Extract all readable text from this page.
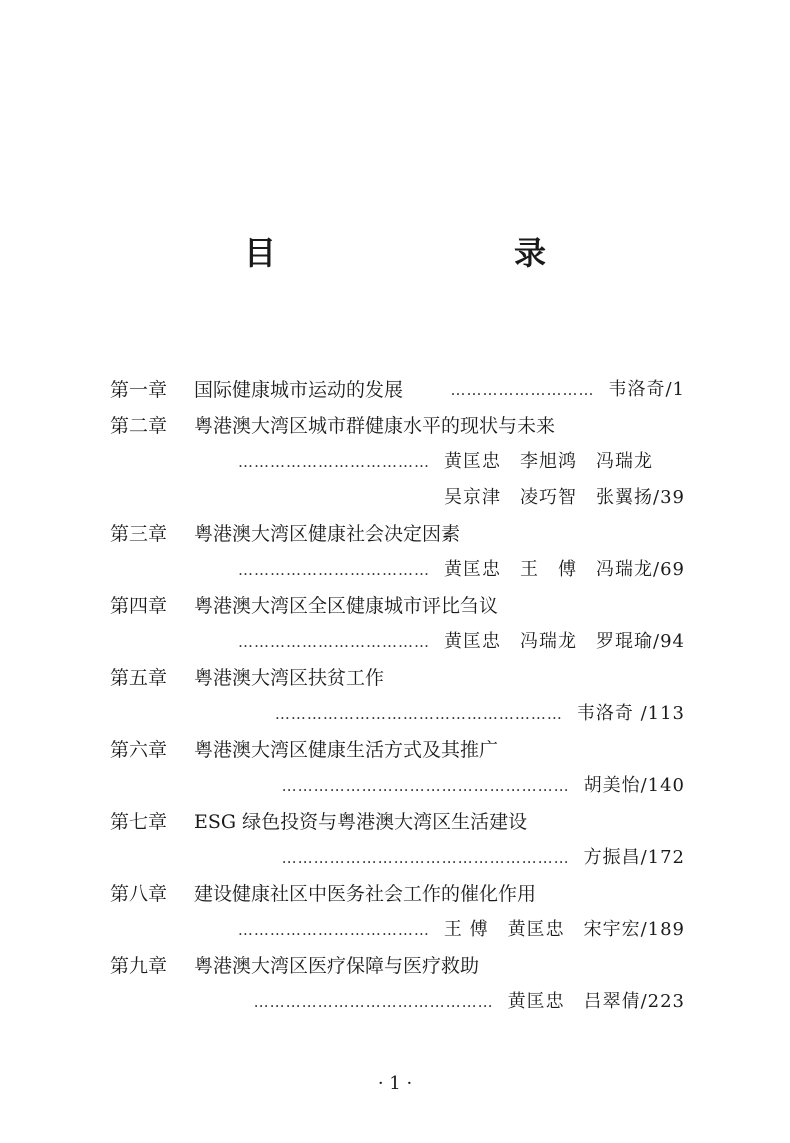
目　　录
第一章	国际健康城市运动的发展	……………………… 韦洛奇/1
第二章	粤港澳大湾区城市群健康水平的现状与未来
……………………………… 黄匡忠　李旭鸿　冯瑞龙
吴京津　凌巧智　张翼扬/39
第三章	粤港澳大湾区健康社会决定因素
……………………………… 黄匡忠　王　傅　冯瑞龙/69
第四章	粤港澳大湾区全区健康城市评比刍议
……………………………… 黄匡忠　冯瑞龙　罗琨瑜/94
第五章	粤港澳大湾区扶贫工作
……………………………………………… 韦洛奇 /113
第六章	粤港澳大湾区健康生活方式及其推广
……………………………………………… 胡美怡/140
第七章	ESG 绿色投资与粤港澳大湾区生活建设
……………………………………………… 方振昌/172
第八章	建设健康社区中医务社会工作的催化作用
……………………………… 王 傅　黄匡忠　宋宇宏/189
第九章	粤港澳大湾区医疗保障与医疗救助
……………………………………… 黄匡忠　吕翠倩/223
· 1 ·
